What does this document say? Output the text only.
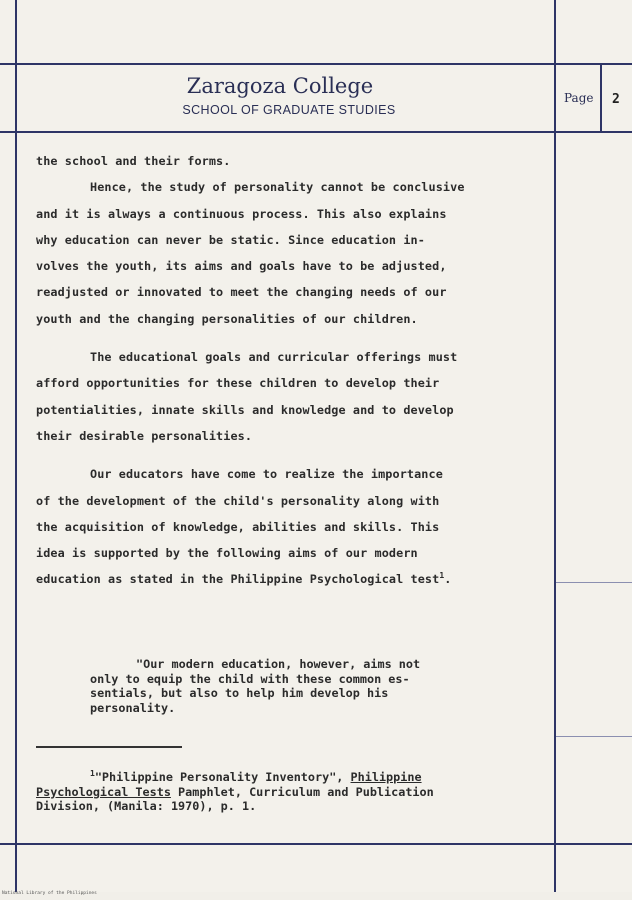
Zaragoza College
SCHOOL OF GRADUATE STUDIES
Page 2
the school and their forms.
Hence, the study of personality cannot be conclusive
and it is always a continuous process. This also explains
why education can never be static. Since education in-
volves the youth, its aims and goals have to be adjusted,
readjusted or innovated to meet the changing needs of our
youth and the changing personalities of our children.
The educational goals and curricular offerings must
afford opportunities for these children to develop their
potentialities, innate skills and knowledge and to develop
their desirable personalities.
Our educators have come to realize the importance
of the development of the child's personality along with
the acquisition of knowledge, abilities and skills. This
idea is supported by the following aims of our modern
education as stated in the Philippine Psychological test$^1$.
"Our modern education, however, aims not
only to equip the child with these common es-
sentials, but also to help him develop his
personality.
$^1$"Philippine Personality Inventory", Philippine
Psychological Tests Pamphlet, Curriculum and Publication
Division, (Manila: 1970), p. 1.
National Library of the Philippines
